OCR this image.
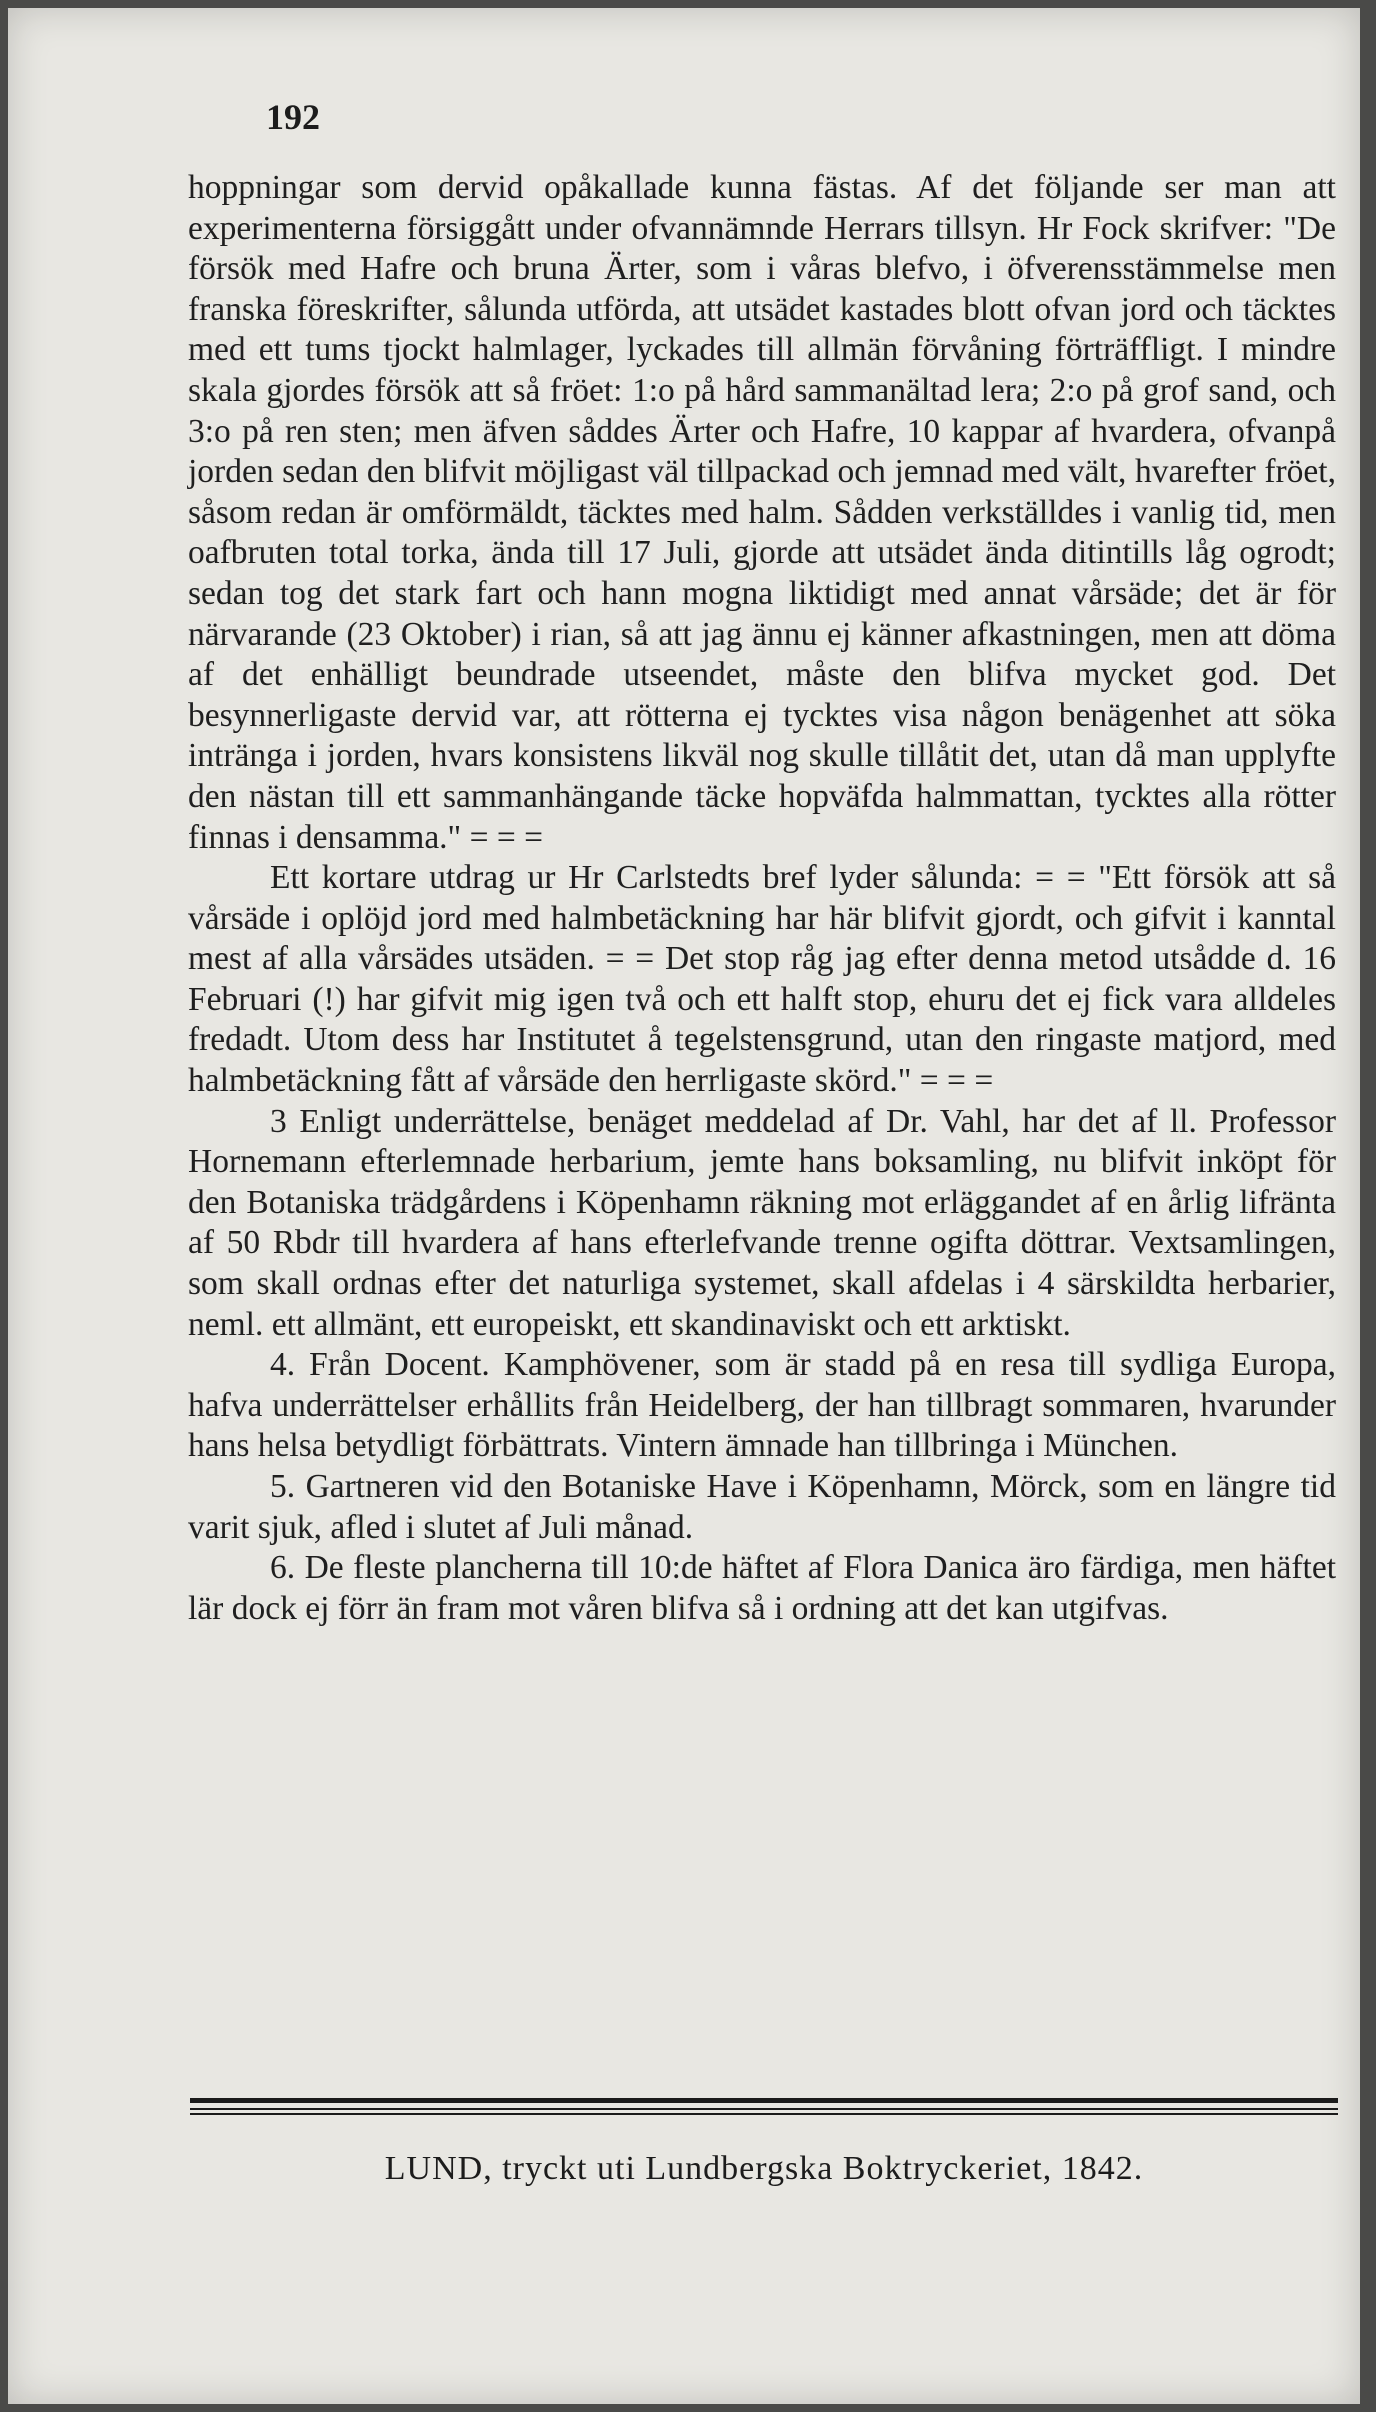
192

hoppningar som dervid opåkallade kunna fästas. Af det följande ser man att experimenterna försiggått under ofvannämnde Herrars tillsyn. Hr Fock skrifver: "De försök med Hafre och bruna Ärter, som i våras blefvo, i öfverensstämmelse men franska föreskrifter, sålunda utförda, att utsädet kastades blott ofvan jord och täcktes med ett tums tjockt halmlager, lyckades till allmän förvåning förträffligt. I mindre skala gjordes försök att så fröet: 1:o på hård sammanältad lera; 2:o på grof sand, och 3:o på ren sten; men äfven såddes Ärter och Hafre, 10 kappar af hvardera, ofvanpå jorden sedan den blifvit möjligast väl tillpackad och jemnad med vält, hvarefter fröet, såsom redan är omförmäldt, täcktes med halm. Sådden verkställdes i vanlig tid, men oafbruten total torka, ända till 17 Juli, gjorde att utsädet ända ditintills låg ogrodt; sedan tog det stark fart och hann mogna liktidigt med annat vårsäde; det är för närvarande (23 Oktober) i rian, så att jag ännu ej känner afkastningen, men att döma af det enhälligt beundrade utseendet, måste den blifva mycket god. Det besynnerligaste dervid var, att rötterna ej tycktes visa någon benägenhet att söka intränga i jorden, hvars konsistens likväl nog skulle tillåtit det, utan då man upplyfte den nästan till ett sammanhängande täcke hopväfda halmmattan, tycktes alla rötter finnas i densamma." = = =

Ett kortare utdrag ur Hr Carlstedts bref lyder sålunda: = = "Ett försök att så vårsäde i oplöjd jord med halmbetäckning har här blifvit gjordt, och gifvit i kanntal mest af alla vårsädes utsäden. = = Det stop råg jag efter denna metod utsådde d. 16 Februari (!) har gifvit mig igen två och ett halft stop, ehuru det ej fick vara alldeles fredadt. Utom dess har Institutet å tegelstensgrund, utan den ringaste matjord, med halmbetäckning fått af vårsäde den herrligaste skörd." = = =

3 Enligt underrättelse, benäget meddelad af Dr. Vahl, har det af ll. Professor Hornemann efterlemnade herbarium, jemte hans boksamling, nu blifvit inköpt för den Botaniska trädgårdens i Köpenhamn räkning mot erläggandet af en årlig lifränta af 50 Rbdr till hvardera af hans efterlefvande trenne ogifta döttrar. Vextsamlingen, som skall ordnas efter det naturliga systemet, skall afdelas i 4 särskildta herbarier, neml. ett allmänt, ett europeiskt, ett skandinaviskt och ett arktiskt.

4. Från Docent. Kamphövener, som är stadd på en resa till sydliga Europa, hafva underrättelser erhållits från Heidelberg, der han tillbragt sommaren, hvarunder hans helsa betydligt förbättrats. Vintern ämnade han tillbringa i München.

5. Gartneren vid den Botaniske Have i Köpenhamn, Mörck, som en längre tid varit sjuk, afled i slutet af Juli månad.

6. De fleste plancherna till 10:de häftet af Flora Danica äro färdiga, men häftet lär dock ej förr än fram mot våren blifva så i ordning att det kan utgifvas.

LUND, tryckt uti Lundbergska Boktryckeriet, 1842.
